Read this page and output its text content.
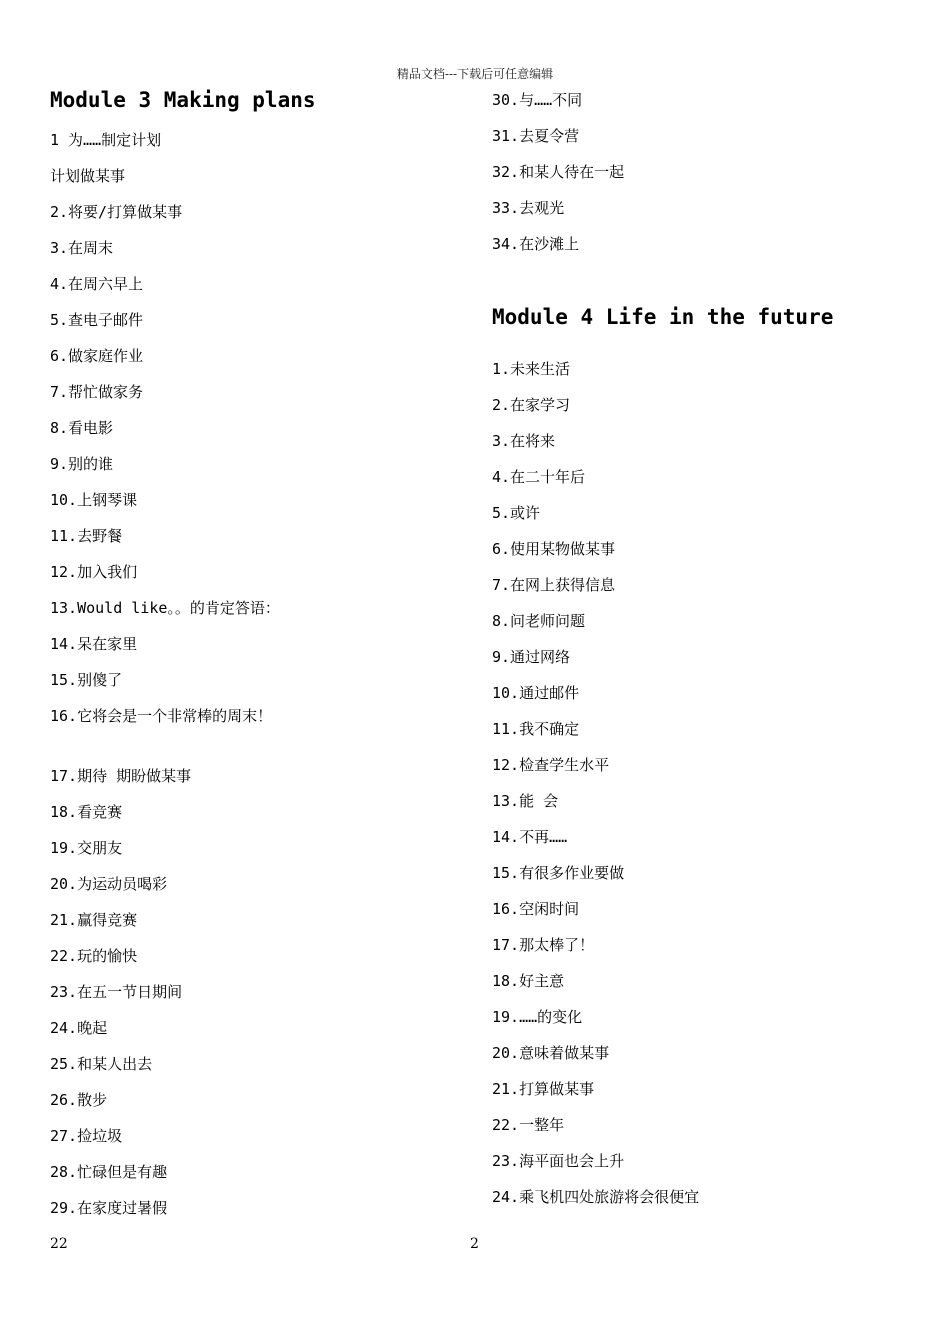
精品文档---下载后可任意编辑
Module 3 Making plans
1 为……制定计划
计划做某事
2.将要/打算做某事
3.在周末
4.在周六早上
5.查电子邮件
6.做家庭作业
7.帮忙做家务
8.看电影
9.别的谁
10.上钢琴课
11.去野餐
12.加入我们
13.Would like。。的肯定答语：
14.呆在家里
15.别傻了
16.它将会是一个非常棒的周末！
17.期待 期盼做某事
18.看竞赛
19.交朋友
20.为运动员喝彩
21.赢得竞赛
22.玩的愉快
23.在五一节日期间
24.晚起
25.和某人出去
26.散步
27.捡垃圾
28.忙碌但是有趣
29.在家度过暑假
30.与……不同
31.去夏令营
32.和某人待在一起
33.去观光
34.在沙滩上
Module 4 Life in the future
1.未来生活
2.在家学习
3.在将来
4.在二十年后
5.或许
6.使用某物做某事
7.在网上获得信息
8.问老师问题
9.通过网络
10.通过邮件
11.我不确定
12.检查学生水平
13.能 会
14.不再……
15.有很多作业要做
16.空闲时间
17.那太棒了！
18.好主意
19.……的变化
20.意味着做某事
21.打算做某事
22.一整年
23.海平面也会上升
24.乘飞机四处旅游将会很便宜
22	2
